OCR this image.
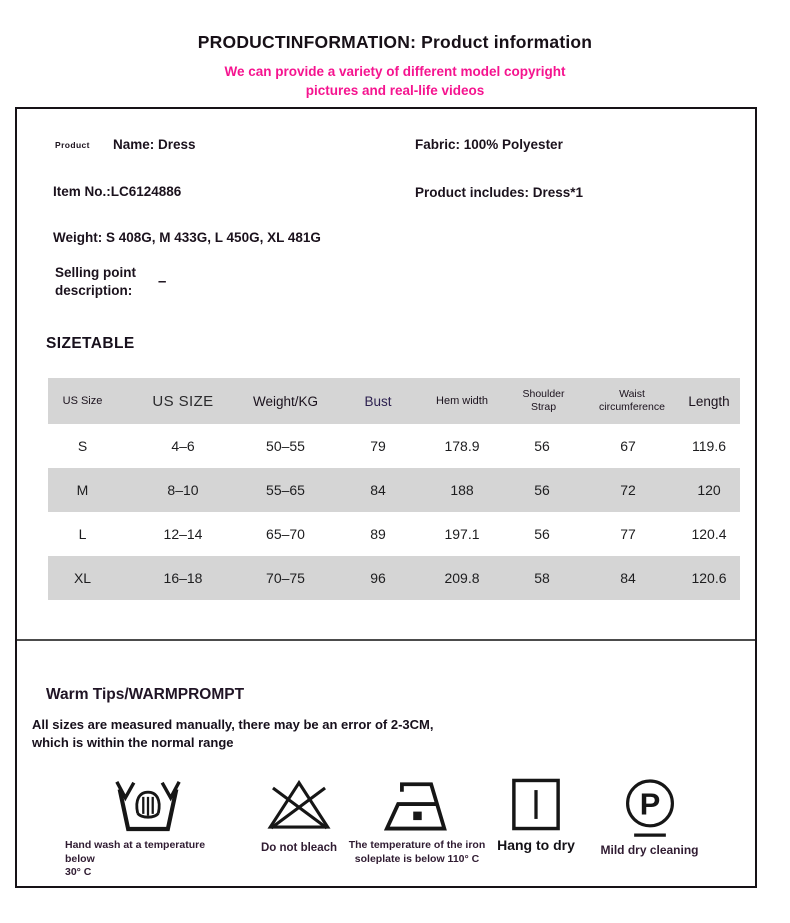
PRODUCTINFORMATION: Product information
We can provide a variety of different model copyright
pictures and real-life videos
Product Name: Dress	Fabric: 100% Polyester
Item No.:LC6124886	Product includes: Dress*1
Weight: S 408G, M 433G, L 450G, XL 481G
Selling point
description:
–
SIZETABLE
US Size	US SIZE	Weight/KG	Bust	Hem width	Shoulder Strap	Waist circumference	Length
S	4–6	50–55	79	178.9	56	67	119.6
M	8–10	55–65	84	188	56	72	120
L	12–14	65–70	89	197.1	56	77	120.4
XL	16–18	70–75	96	209.8	58	84	120.6
Warm Tips/WARMPROMPT
All sizes are measured manually, there may be an error of 2-3CM,
which is within the normal range
Hand wash at a temperature below
30° C
Do not bleach	The temperature of the iron
soleplate is below 110° C
Hang to dry
P
Mild dry cleaning
